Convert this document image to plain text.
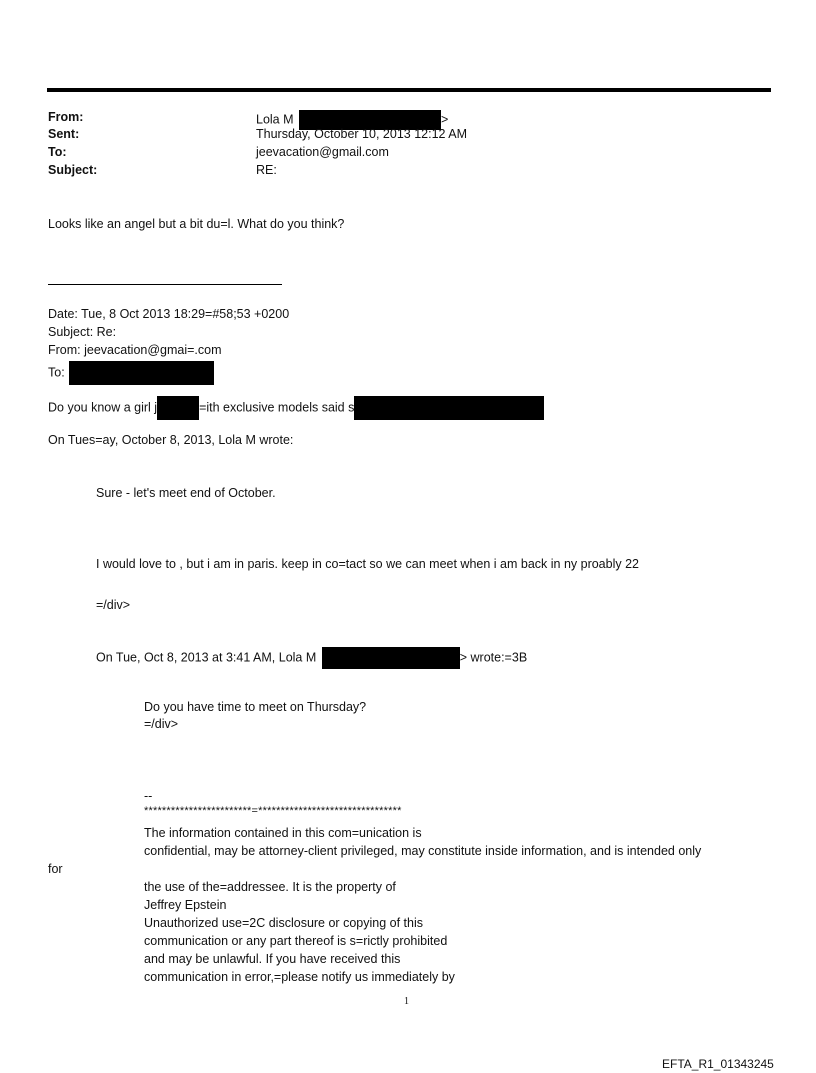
From:	Lola M	>
Sent:	Thursday, October 10, 2013 12:12 AM
To:	jeevacation@gmail.com
Subject:	RE:
Looks like an angel but a bit du=l. What do you think?
Date: Tue, 8 Oct 2013 18:29=#58;53 +0200
Subject: Re:
From: jeevacation@gmai=.com
To:
Do you know a girl j	=ith exclusive models said s
On Tues=ay, October 8, 2013, Lola M wrote:
Sure - let's meet end of October.
I would love to , but i am in paris. keep in co=tact so we can meet when i am back in ny proably 22
=/div>
On Tue, Oct 8, 2013 at 3:41 AM, Lola M	> wrote:=3B
Do you have time to meet on Thursday?
=/div>
--
************************=********************************
The information contained in this com=unication is
confidential, may be attorney-client privileged, may constitute inside information, and is intended only
for
the use of the=addressee. It is the property of
Jeffrey Epstein
Unauthorized use=2C disclosure or copying of this
communication or any part thereof is s=rictly prohibited
and may be unlawful. If you have received this
communication in error,=please notify us immediately by
1
EFTA_R1_01343245
